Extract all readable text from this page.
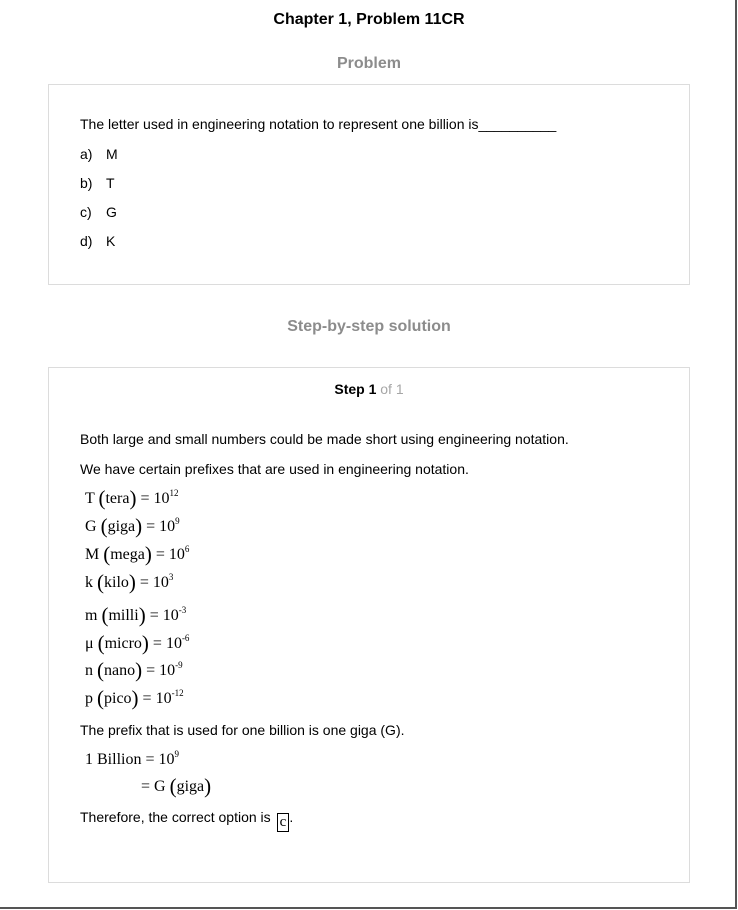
Chapter 1, Problem 11CR
Problem
The letter used in engineering notation to represent one billion is__________
a) M
b) T
c) G
d) K
Step-by-step solution
Step 1 of 1
Both large and small numbers could be made short using engineering notation.
We have certain prefixes that are used in engineering notation.
T (tera) = $10^{12}$
G (giga) = $10^9$
M (mega) = $10^6$
k (kilo) = $10^3$
m (milli) = $10^{-3}$
μ (micro) = $10^{-6}$
n (nano) = $10^{-9}$
p (pico) = $10^{-12}$
The prefix that is used for one billion is one giga (G).
1 Billion = $10^9$
= G (giga)
Therefore, the correct option is c .
